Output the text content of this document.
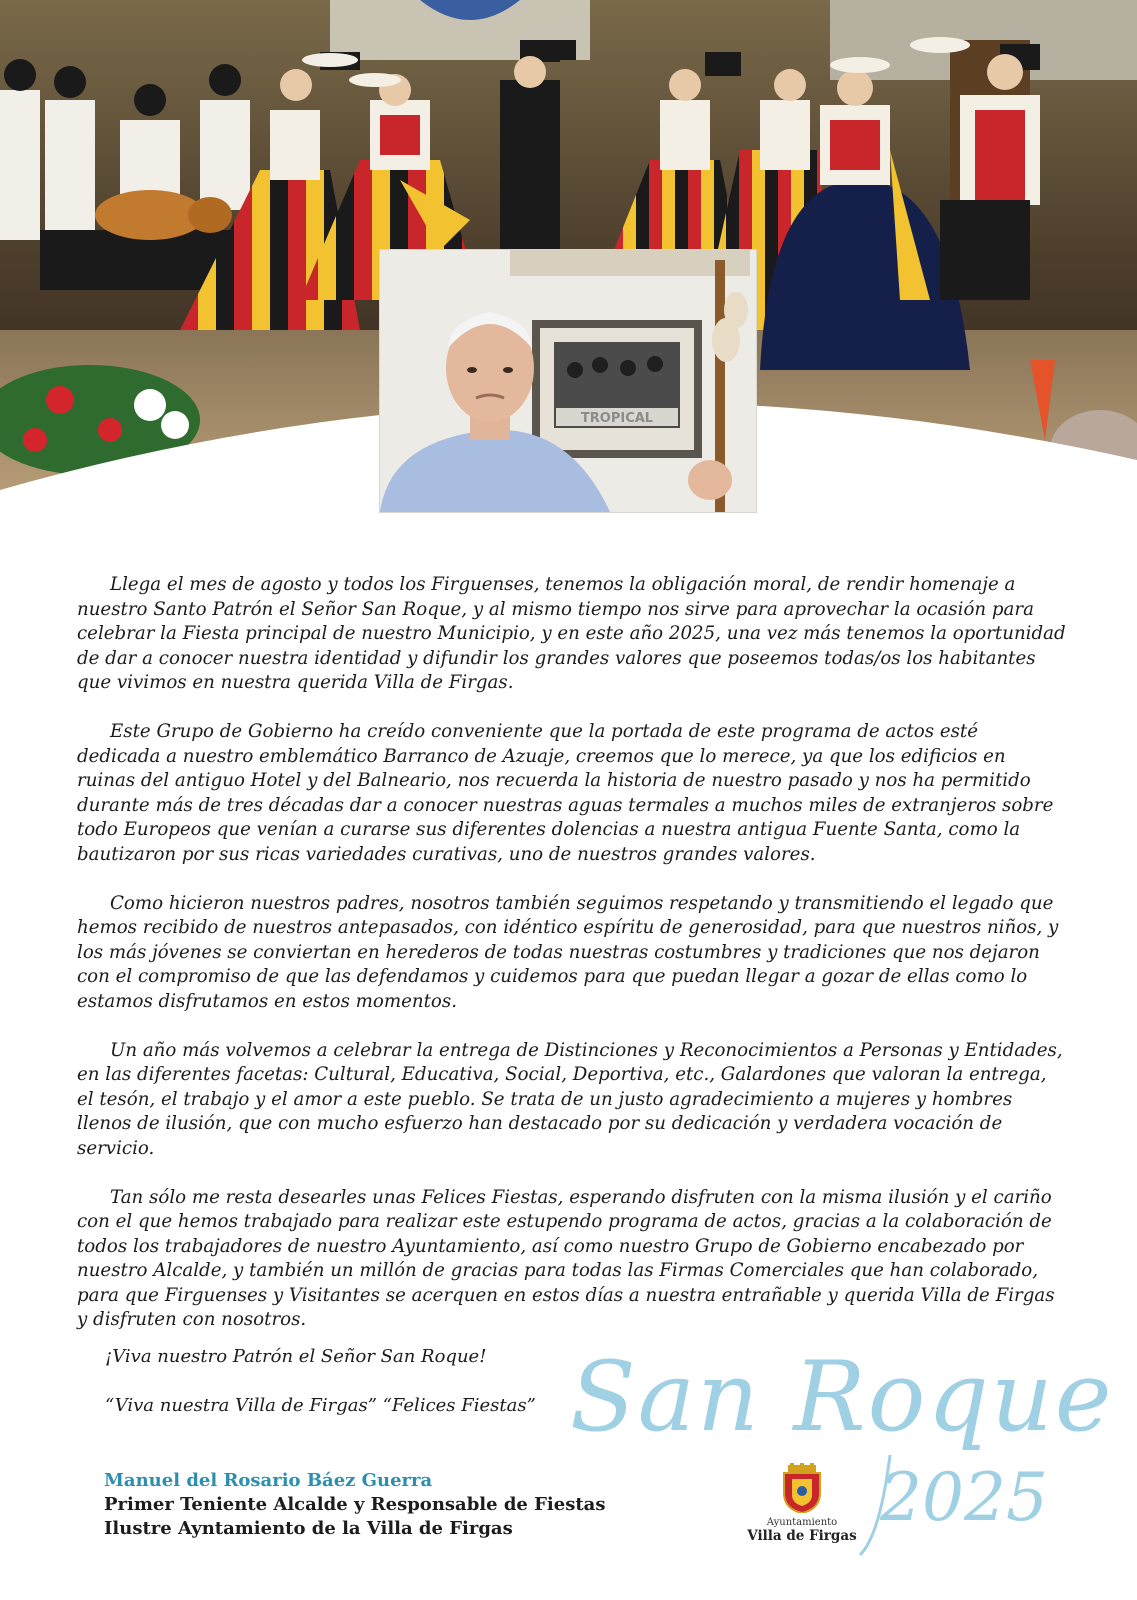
TROPICAL

Llega el mes de agosto y todos los Firguenses, tenemos la obligación moral, de rendir homenaje a nuestro Santo Patrón el Señor San Roque, y al mismo tiempo nos sirve para aprovechar la ocasión para celebrar la Fiesta principal de nuestro Municipio, y en este año 2025, una vez más tenemos la oportunidad de dar a conocer nuestra identidad y difundir los grandes valores que poseemos todas/os los habitantes que vivimos en nuestra querida Villa de Firgas.

Este Grupo de Gobierno ha creído conveniente que la portada de este programa de actos esté dedicada a nuestro emblemático Barranco de Azuaje, creemos que lo merece, ya que los edificios en ruinas del antiguo Hotel y del Balneario, nos recuerda la historia de nuestro pasado y nos ha permitido durante más de tres décadas dar a conocer nuestras aguas termales a muchos miles de extranjeros sobre todo Europeos que venían a curarse sus diferentes dolencias a nuestra antigua Fuente Santa, como la bautizaron por sus ricas variedades curativas, uno de nuestros grandes valores.

Como hicieron nuestros padres, nosotros también seguimos respetando y transmitiendo el legado que hemos recibido de nuestros antepasados, con idéntico espíritu de generosidad, para que nuestros niños, y los más jóvenes se conviertan en herederos de todas nuestras costumbres y tradiciones que nos dejaron con el compromiso de que las defendamos y cuidemos para que puedan llegar a gozar de ellas como lo estamos disfrutamos en estos momentos.

Un año más volvemos a celebrar la entrega de Distinciones y Reconocimientos a Personas y Entidades, en las diferentes facetas: Cultural, Educativa, Social, Deportiva, etc., Galardones que valoran la entrega, el tesón, el trabajo y el amor a este pueblo. Se trata de un justo agradecimiento a mujeres y hombres llenos de ilusión, que con mucho esfuerzo han destacado por su dedicación y verdadera vocación de servicio.

Tan sólo me resta desearles unas Felices Fiestas, esperando disfruten con la misma ilusión y el cariño con el que hemos trabajado para realizar este estupendo programa de actos, gracias a la colaboración de todos los trabajadores de nuestro Ayuntamiento, así como nuestro Grupo de Gobierno encabezado por nuestro Alcalde, y también un millón de gracias para todas las Firmas Comerciales que han colaborado, para que Firguenses y Visitantes se acerquen en estos días a nuestra entrañable y querida Villa de Firgas y disfruten con nosotros.

¡Viva nuestro Patrón el Señor San Roque!
“Viva nuestra Villa de Firgas” “Felices Fiestas” San Roque
2025
Manuel del Rosario Báez Guerra
Primer Teniente Alcalde y Responsable de Fiestas
Ilustre Ayntamiento de la Villa de Firgas	Ayuntamiento
Villa de Firgas
